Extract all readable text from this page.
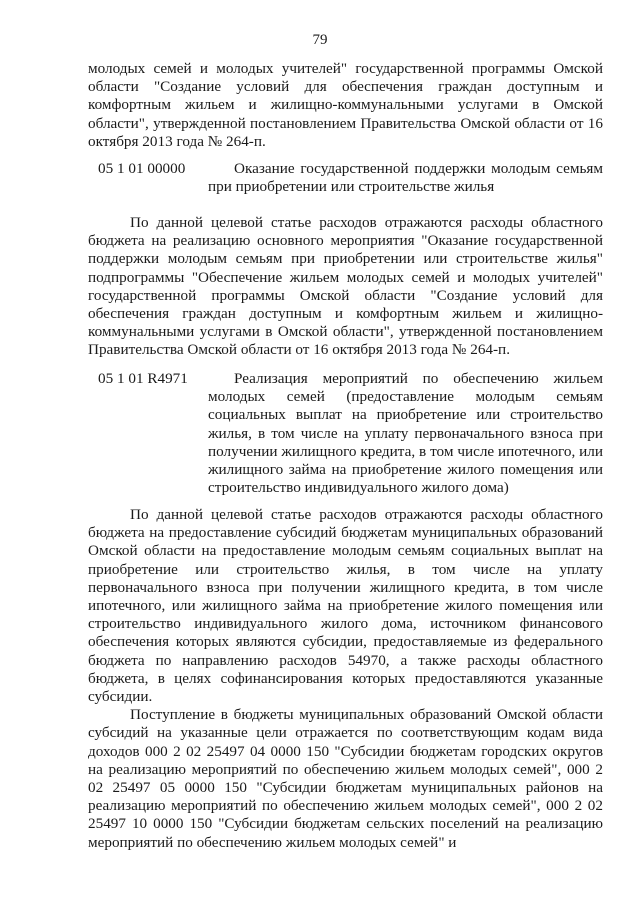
79

молодых семей и молодых учителей" государственной программы Омской области "Создание условий для обеспечения граждан доступным и комфортным жильем и жилищно-коммунальными услугами в Омской области", утвержденной постановлением Правительства Омской области от 16 октября 2013 года № 264-п.

05 1 01 00000	Оказание государственной поддержки молодым семьям при приобретении или строительстве жилья

По данной целевой статье расходов отражаются расходы областного бюджета на реализацию основного мероприятия "Оказание государственной поддержки молодым семьям при приобретении или строительстве жилья" подпрограммы "Обеспечение жильем молодых семей и молодых учителей" государственной программы Омской области "Создание условий для обеспечения граждан доступным и комфортным жильем и жилищно-коммунальными услугами в Омской области", утвержденной постановлением Правительства Омской области от 16 октября 2013 года № 264-п.

05 1 01 R4971	Реализация мероприятий по обеспечению жильем молодых семей (предоставление молодым семьям социальных выплат на приобретение или строительство жилья, в том числе на уплату первоначального взноса при получении жилищного кредита, в том числе ипотечного, или жилищного займа на приобретение жилого помещения или строительство индивидуального жилого дома)

По данной целевой статье расходов отражаются расходы областного бюджета на предоставление субсидий бюджетам муниципальных образований Омской области на предоставление молодым семьям социальных выплат на приобретение или строительство жилья, в том числе на уплату первоначального взноса при получении жилищного кредита, в том числе ипотечного, или жилищного займа на приобретение жилого помещения или строительство индивидуального жилого дома, источником финансового обеспечения которых являются субсидии, предоставляемые из федерального бюджета по направлению расходов 54970, а также расходы областного бюджета, в целях софинансирования которых предоставляются указанные субсидии.

Поступление в бюджеты муниципальных образований Омской области субсидий на указанные цели отражается по соответствующим кодам вида доходов 000 2 02 25497 04 0000 150 "Субсидии бюджетам городских округов на реализацию мероприятий по обеспечению жильем молодых семей", 000 2 02 25497 05 0000 150 "Субсидии бюджетам муниципальных районов на реализацию мероприятий по обеспечению жильем молодых семей", 000 2 02 25497 10 0000 150 "Субсидии бюджетам сельских поселений на реализацию мероприятий по обеспечению жильем молодых семей" и
